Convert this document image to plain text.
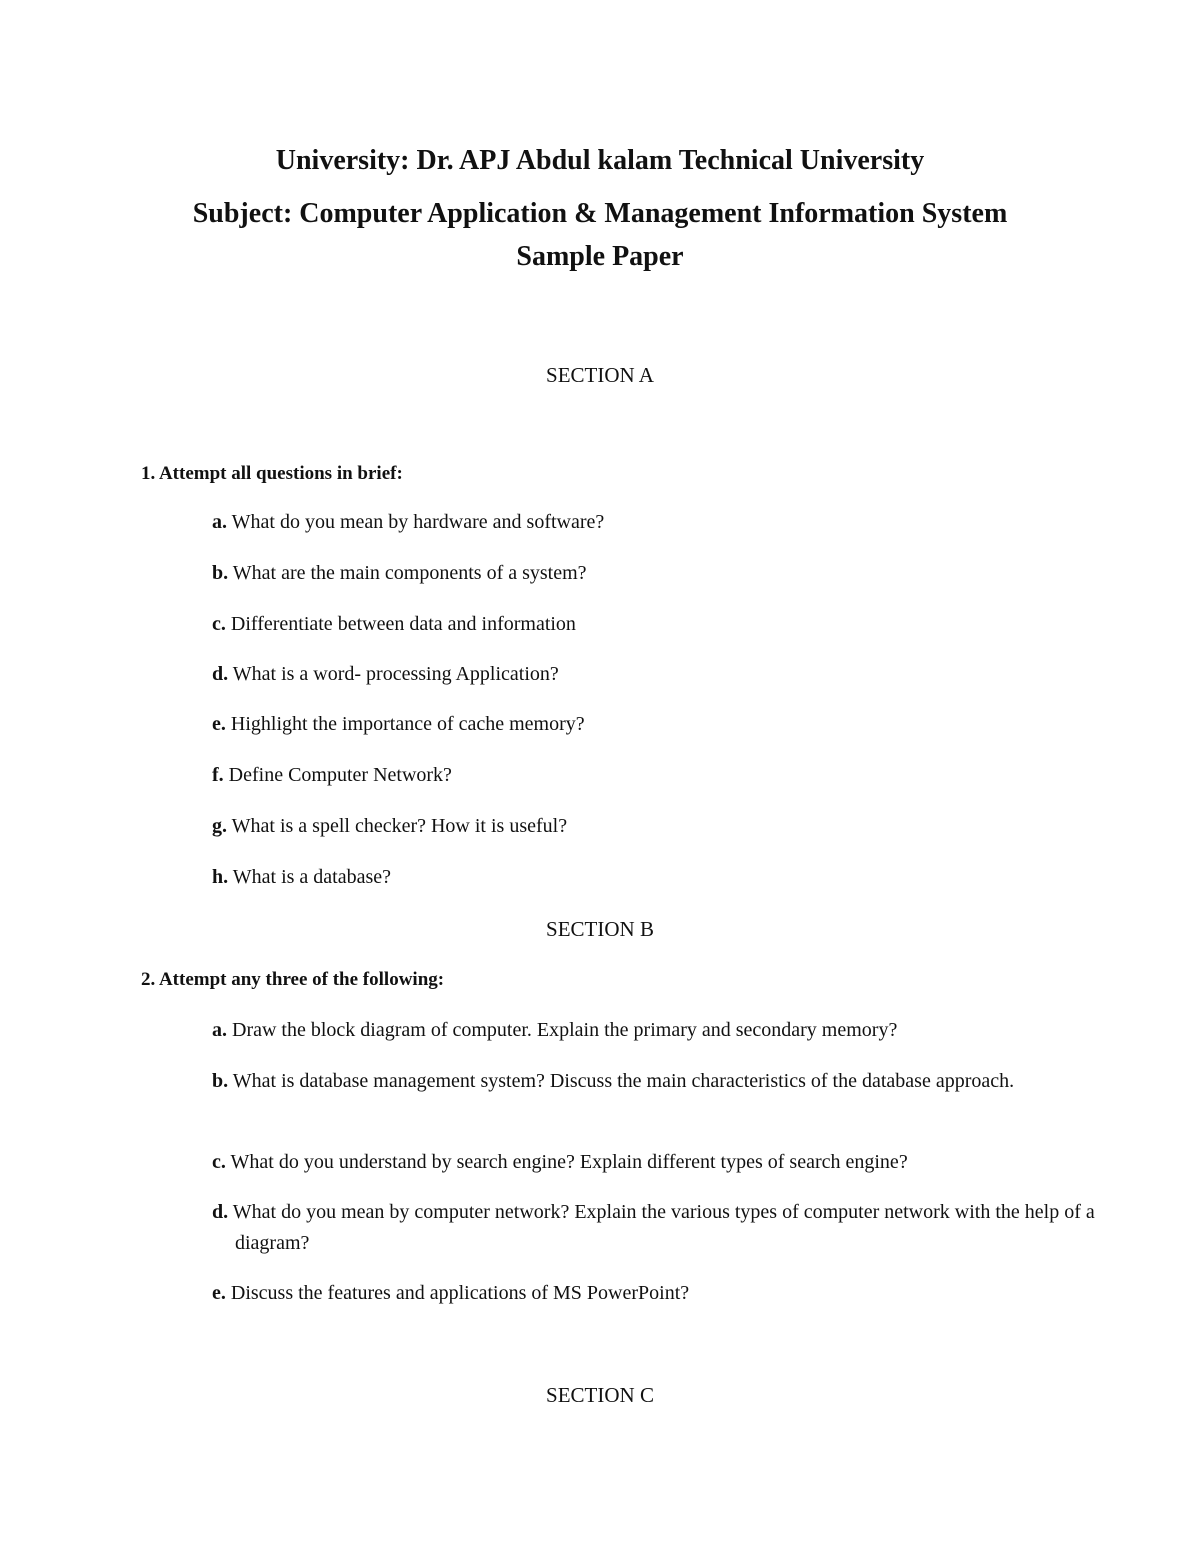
University: Dr. APJ Abdul kalam Technical University
Subject: Computer Application & Management Information System
Sample Paper
SECTION A
1. Attempt all questions in brief:
a. What do you mean by hardware and software?
b. What are the main components of a system?
c. Differentiate between data and information
d. What is a word- processing Application?
e. Highlight the importance of cache memory?
f. Define Computer Network?
g. What is a spell checker? How it is useful?
h. What is a database?
SECTION B
2. Attempt any three of the following:
a. Draw the block diagram of computer. Explain the primary and secondary memory?
b. What is database management system? Discuss the main characteristics of the database approach.
c. What do you understand by search engine? Explain different types of search engine?
d. What do you mean by computer network? Explain the various types of computer network with the help of a diagram?
e. Discuss the features and applications of MS PowerPoint?
SECTION C
